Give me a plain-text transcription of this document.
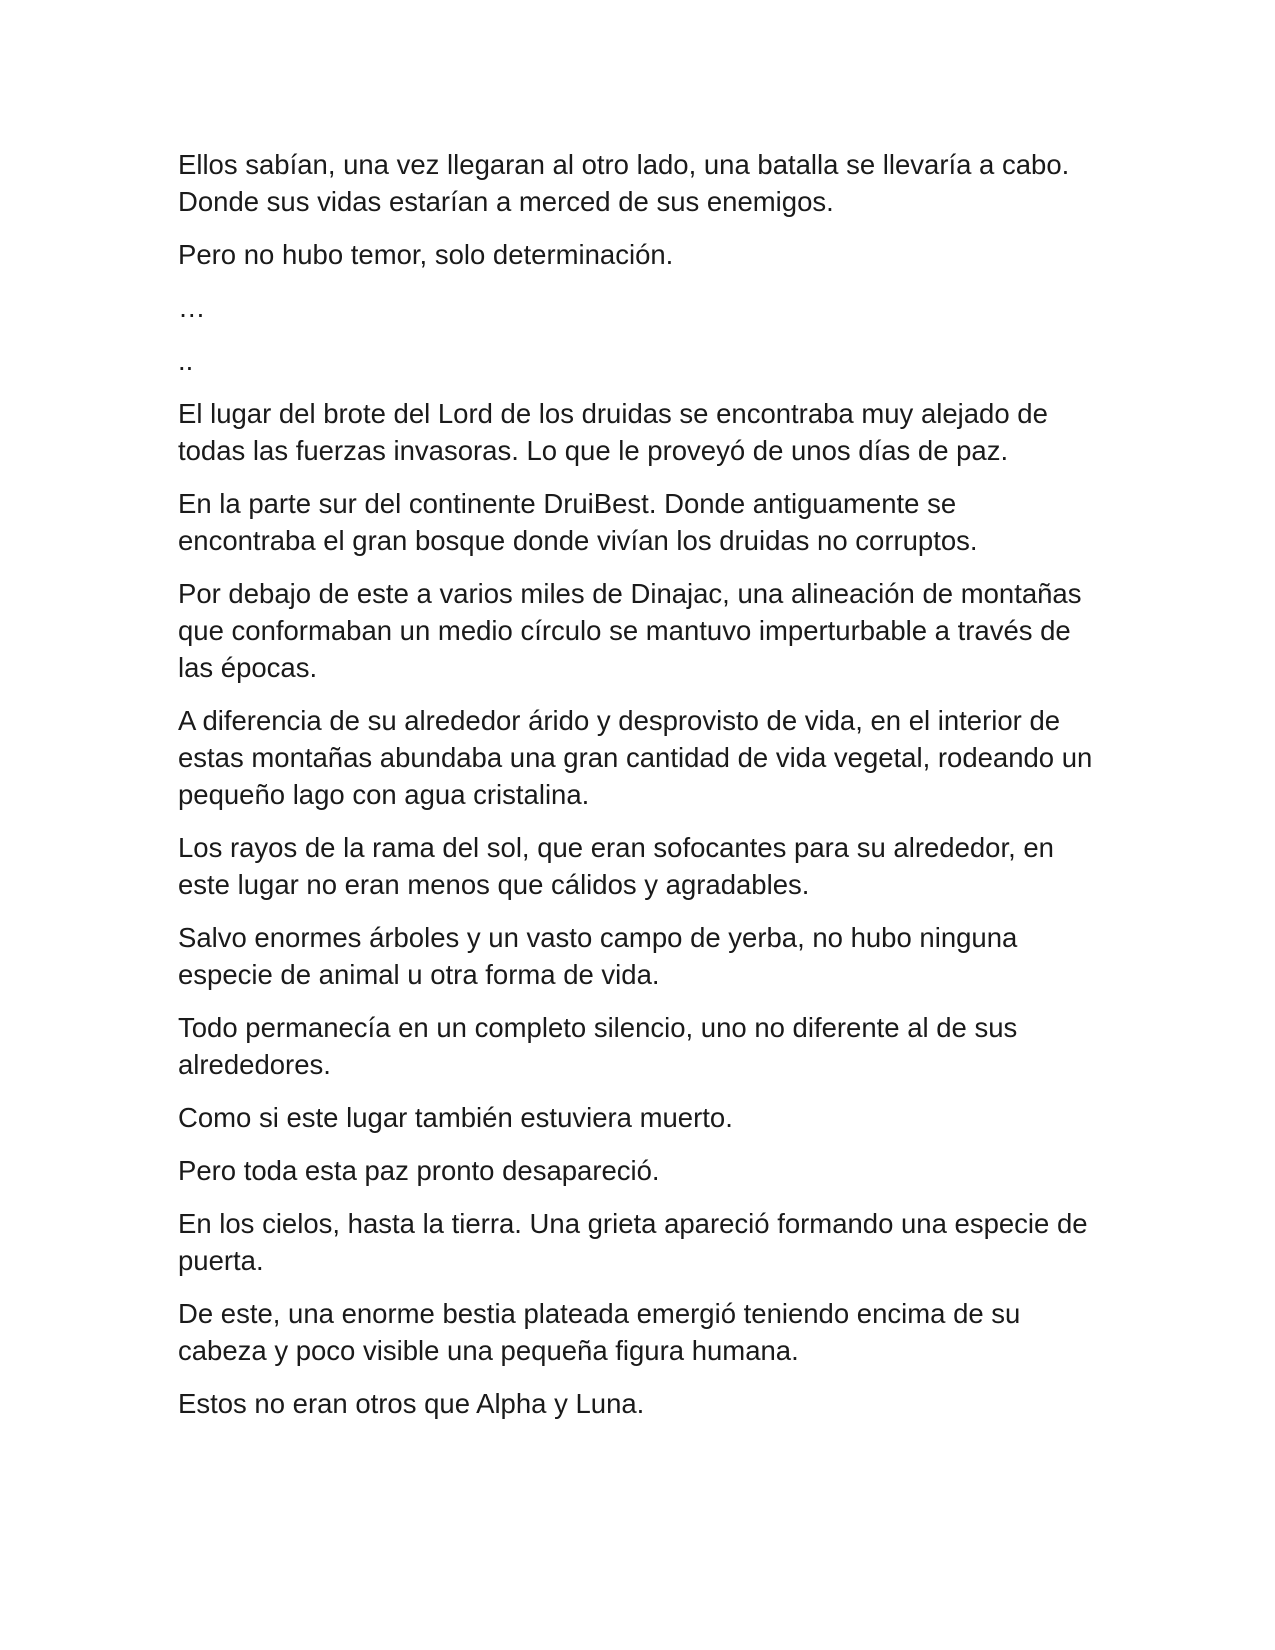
Ellos sabían, una vez llegaran al otro lado, una batalla se llevaría a cabo. Donde sus vidas estarían a merced de sus enemigos.

Pero no hubo temor, solo determinación.

…

..

El lugar del brote del Lord de los druidas se encontraba muy alejado de todas las fuerzas invasoras. Lo que le proveyó de unos días de paz.

En la parte sur del continente DruiBest. Donde antiguamente se encontraba el gran bosque donde vivían los druidas no corruptos.

Por debajo de este a varios miles de Dinajac, una alineación de montañas que conformaban un medio círculo se mantuvo imperturbable a través de las épocas.

A diferencia de su alrededor árido y desprovisto de vida, en el interior de estas montañas abundaba una gran cantidad de vida vegetal, rodeando un pequeño lago con agua cristalina.

Los rayos de la rama del sol, que eran sofocantes para su alrededor, en este lugar no eran menos que cálidos y agradables.

Salvo enormes árboles y un vasto campo de yerba, no hubo ninguna especie de animal u otra forma de vida.

Todo permanecía en un completo silencio, uno no diferente al de sus alrededores.

Como si este lugar también estuviera muerto.

Pero toda esta paz pronto desapareció.

En los cielos, hasta la tierra. Una grieta apareció formando una especie de puerta.

De este, una enorme bestia plateada emergió teniendo encima de su cabeza y poco visible una pequeña figura humana.

Estos no eran otros que Alpha y Luna.
